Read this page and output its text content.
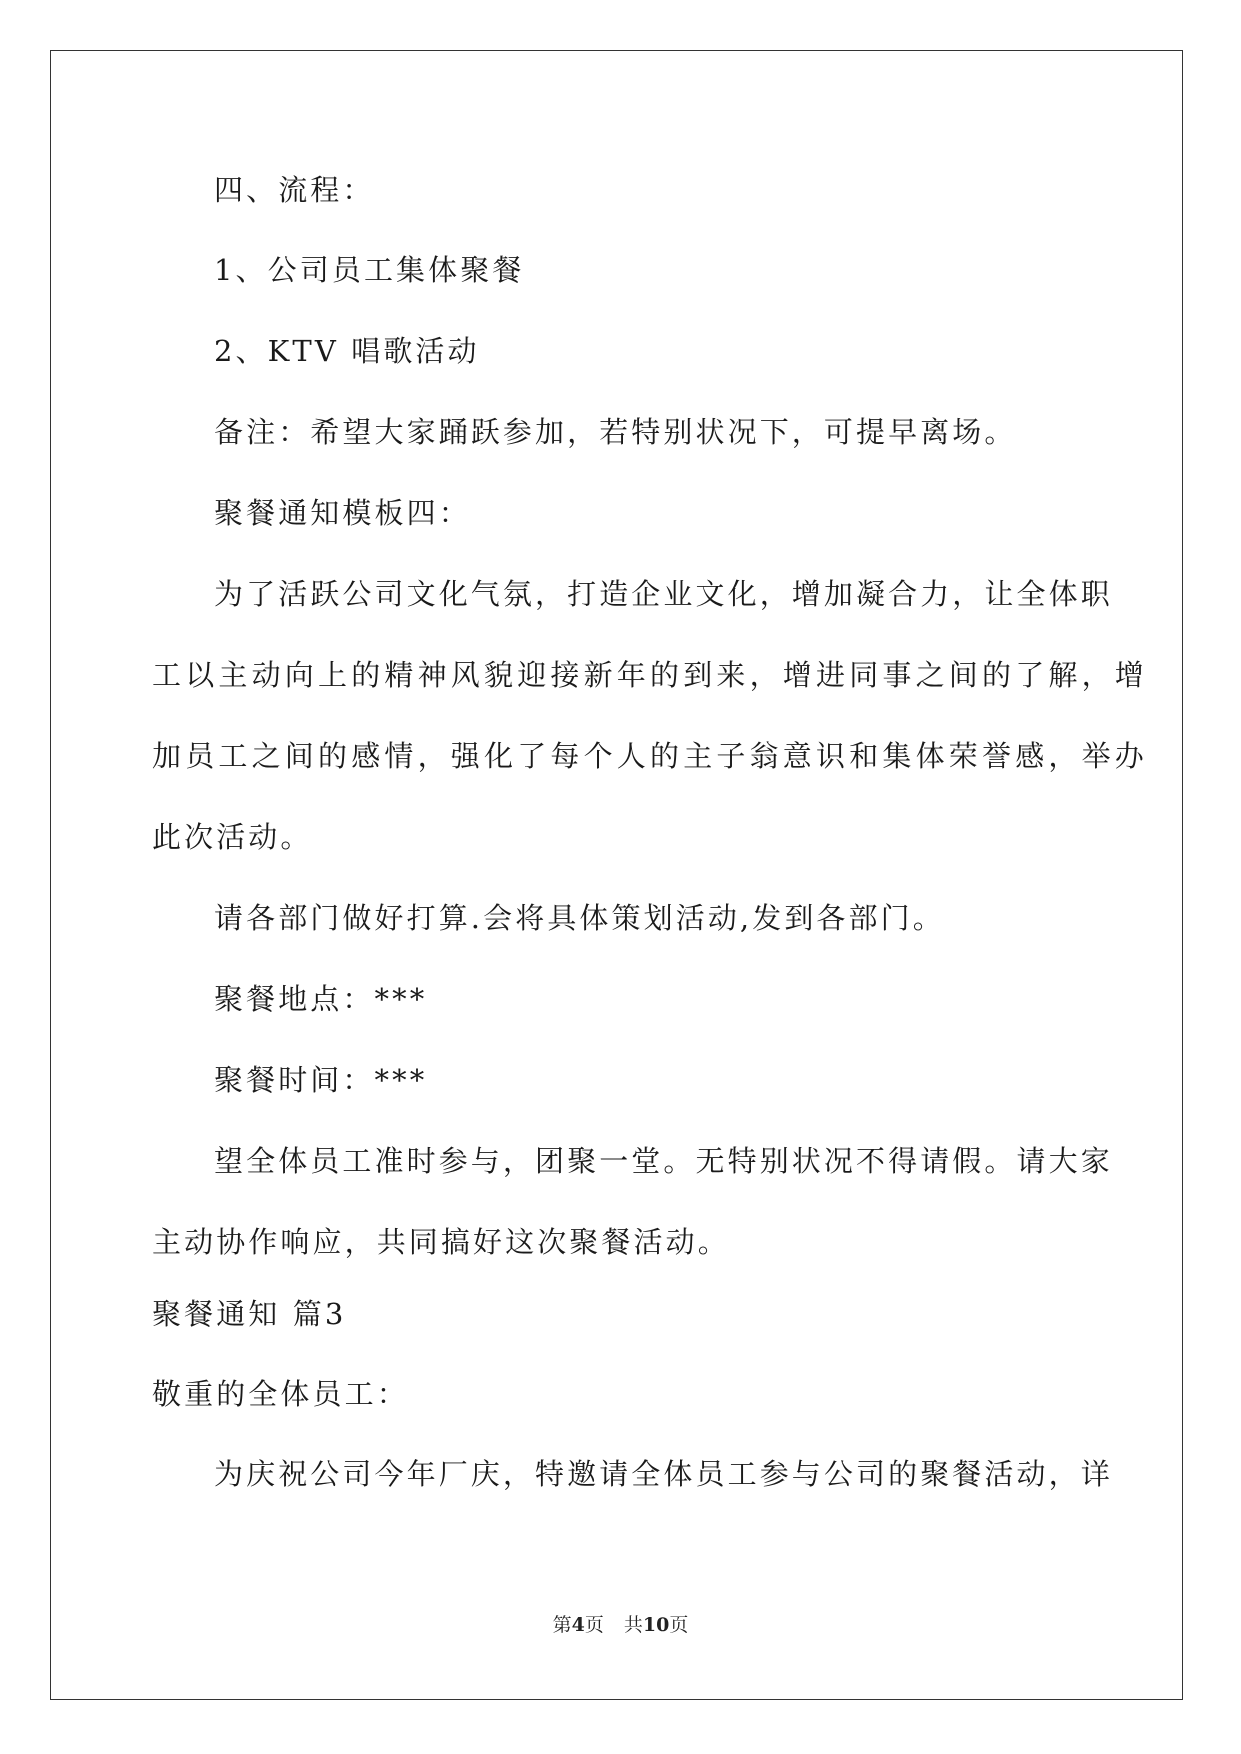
四、流程：
1、公司员工集体聚餐
2、KTV 唱歌活动
备注：希望大家踊跃参加，若特别状况下，可提早离场。
聚餐通知模板四：
为了活跃公司文化气氛，打造企业文化，增加凝合力，让全体职
工以主动向上的精神风貌迎接新年的到来，增进同事之间的了解，增
加员工之间的感情，强化了每个人的主子翁意识和集体荣誉感，举办
此次活动。
请各部门做好打算.会将具体策划活动,发到各部门。
聚餐地点：***
聚餐时间：***
望全体员工准时参与，团聚一堂。无特别状况不得请假。请大家
主动协作响应，共同搞好这次聚餐活动。
聚餐通知 篇3
敬重的全体员工：
为庆祝公司今年厂庆，特邀请全体员工参与公司的聚餐活动，详
第4页 共10页
